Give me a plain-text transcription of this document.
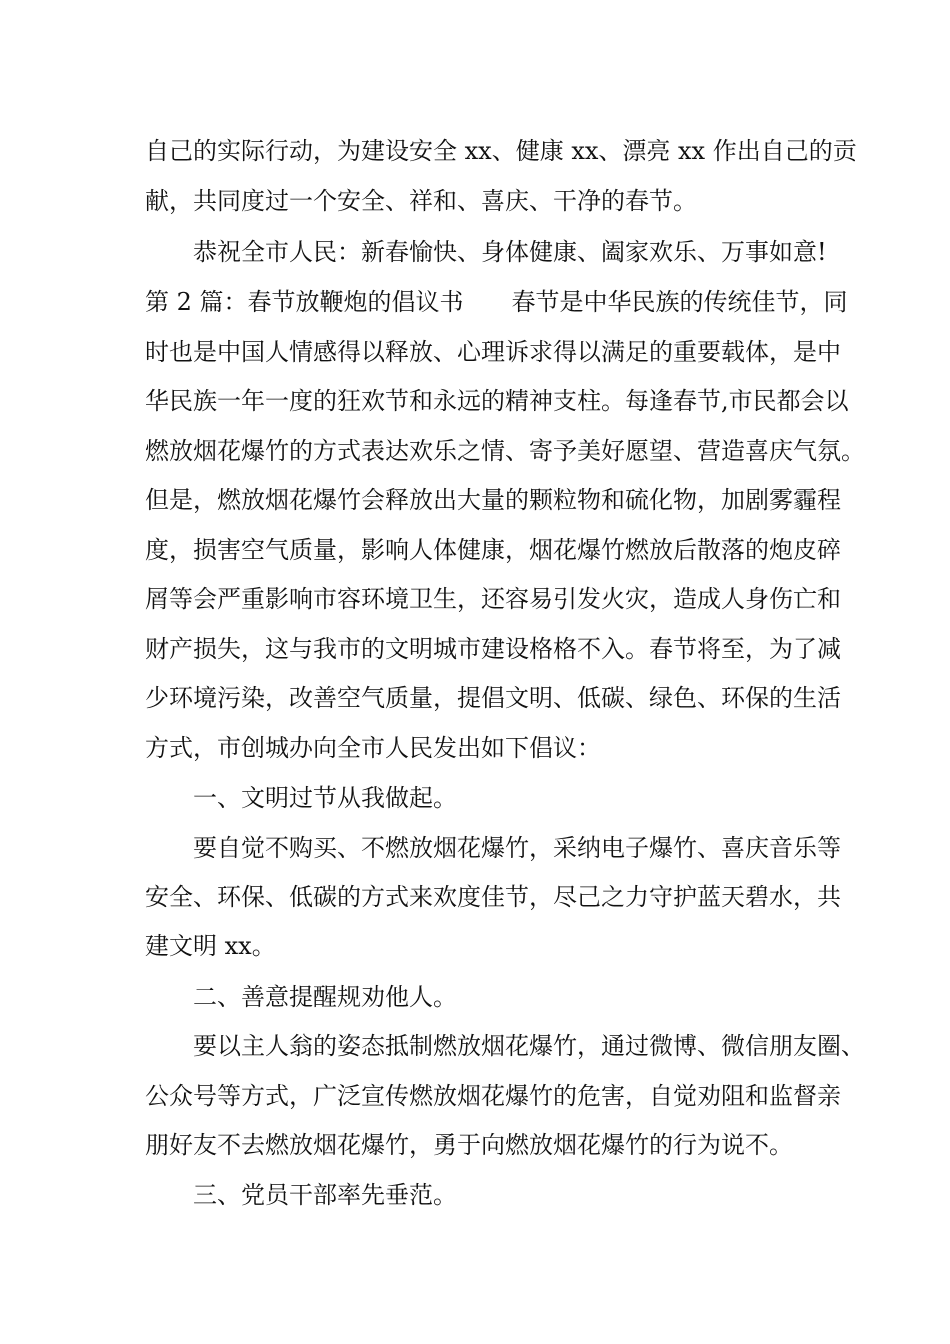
自己的实际行动，为建设安全 xx、健康 xx、漂亮 xx 作出自己的贡
献，共同度过一个安全、祥和、喜庆、干净的春节。
恭祝全市人民：新春愉快、身体健康、阖家欢乐、万事如意!
第 2 篇：春节放鞭炮的倡议书　　春节是中华民族的传统佳节，同
时也是中国人情感得以释放、心理诉求得以满足的重要载体，是中
华民族一年一度的狂欢节和永远的精神支柱。每逢春节,市民都会以
燃放烟花爆竹的方式表达欢乐之情、寄予美好愿望、营造喜庆气氛。
但是，燃放烟花爆竹会释放出大量的颗粒物和硫化物，加剧雾霾程
度，损害空气质量，影响人体健康，烟花爆竹燃放后散落的炮皮碎
屑等会严重影响市容环境卫生，还容易引发火灾，造成人身伤亡和
财产损失，这与我市的文明城市建设格格不入。春节将至，为了减
少环境污染，改善空气质量，提倡文明、低碳、绿色、环保的生活
方式，市创城办向全市人民发出如下倡议：
一、文明过节从我做起。
要自觉不购买、不燃放烟花爆竹，采纳电子爆竹、喜庆音乐等
安全、环保、低碳的方式来欢度佳节，尽己之力守护蓝天碧水，共
建文明 xx。
二、善意提醒规劝他人。
要以主人翁的姿态抵制燃放烟花爆竹，通过微博、微信朋友圈、
公众号等方式，广泛宣传燃放烟花爆竹的危害，自觉劝阻和监督亲
朋好友不去燃放烟花爆竹，勇于向燃放烟花爆竹的行为说不。
三、党员干部率先垂范。
